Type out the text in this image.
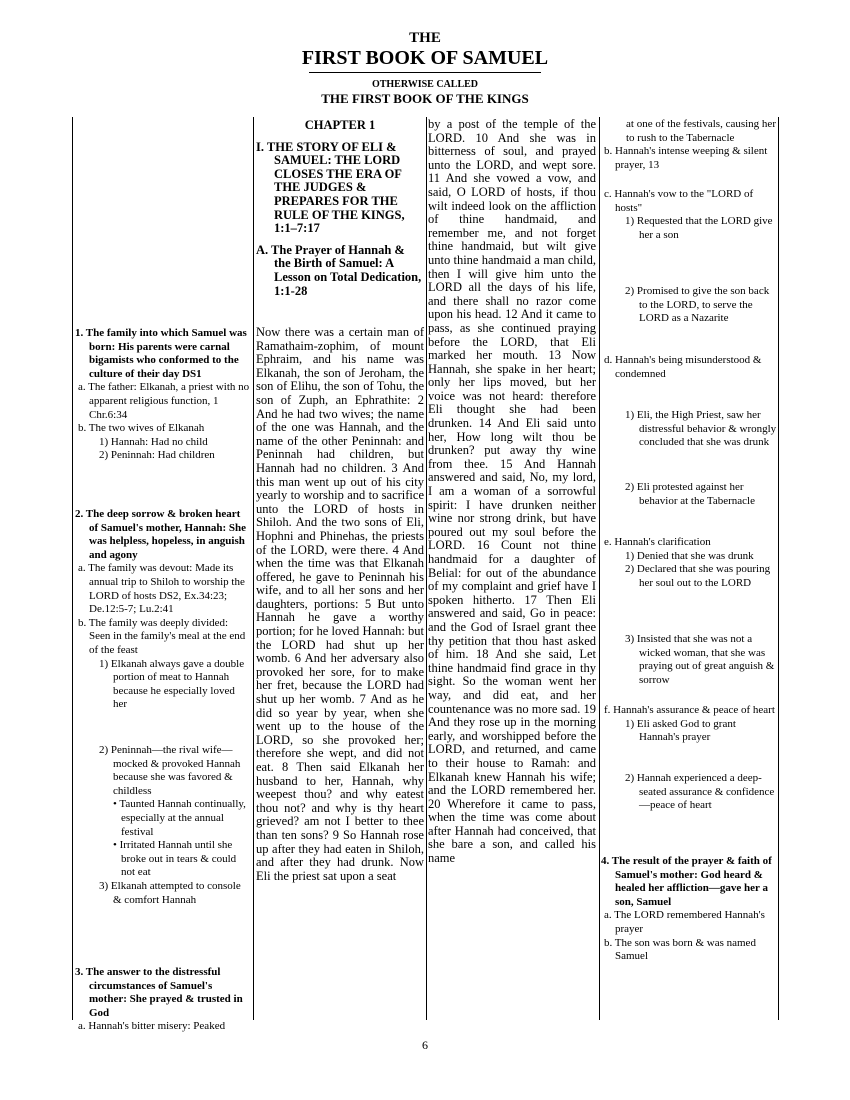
THE
FIRST BOOK OF SAMUEL
OTHERWISE CALLED
THE FIRST BOOK OF THE KINGS
1. The family into which Samuel was born: His parents were carnal bigamists who conformed to the culture of their day DS1
a. The father: Elkanah, a priest with no apparent religious function, 1 Chr.6:34
b. The two wives of Elkanah
1) Hannah: Had no child
2) Peninnah: Had children
2. The deep sorrow & broken heart of Samuel's mother, Hannah: She was helpless, hopeless, in anguish and agony
a. The family was devout: Made its annual trip to Shiloh to worship the LORD of hosts DS2, Ex.34:23; De.12:5-7; Lu.2:41
b. The family was deeply divided: Seen in the family's meal at the end of the feast
1) Elkanah always gave a double portion of meat to Hannah because he especially loved her
2) Peninnah—the rival wife—mocked & provoked Hannah because she was favored & childless
• Taunted Hannah continually, especially at the annual festival
• Irritated Hannah until she broke out in tears & could not eat
3) Elkanah attempted to console & comfort Hannah
3. The answer to the distressful circumstances of Samuel's mother: She prayed & trusted in God
a. Hannah's bitter misery: Peaked
CHAPTER 1
I. THE STORY OF ELI & SAMUEL: THE LORD CLOSES THE ERA OF THE JUDGES & PREPARES FOR THE RULE OF THE KINGS, 1:1–7:17
A. The Prayer of Hannah & the Birth of Samuel: A Lesson on Total Dedication, 1:1-28
Now there was a certain man of Ramathaim-zophim, of mount Ephraim, and his name was Elkanah, the son of Jeroham, the son of Elihu, the son of Tohu, the son of Zuph, an Ephrathite: 2 And he had two wives; the name of the one was Hannah, and the name of the other Peninnah: and Peninnah had children, but Hannah had no children. 3 And this man went up out of his city yearly to worship and to sacrifice unto the LORD of hosts in Shiloh. And the two sons of Eli, Hophni and Phinehas, the priests of the LORD, were there. 4 And when the time was that Elkanah offered, he gave to Peninnah his wife, and to all her sons and her daughters, portions: 5 But unto Hannah he gave a worthy portion; for he loved Hannah: but the LORD had shut up her womb. 6 And her adversary also provoked her sore, for to make her fret, because the LORD had shut up her womb. 7 And as he did so year by year, when she went up to the house of the LORD, so she provoked her; therefore she wept, and did not eat. 8 Then said Elkanah her husband to her, Hannah, why weepest thou? and why eatest thou not? and why is thy heart grieved? am not I better to thee than ten sons? 9 So Hannah rose up after they had eaten in Shiloh, and after they had drunk. Now Eli the priest sat upon a seat
by a post of the temple of the LORD. 10 And she was in bitterness of soul, and prayed unto the LORD, and wept sore. 11 And she vowed a vow, and said, O LORD of hosts, if thou wilt indeed look on the affliction of thine handmaid, and remember me, and not forget thine handmaid, but wilt give unto thine handmaid a man child, then I will give him unto the LORD all the days of his life, and there shall no razor come upon his head. 12 And it came to pass, as she continued praying before the LORD, that Eli marked her mouth. 13 Now Hannah, she spake in her heart; only her lips moved, but her voice was not heard: therefore Eli thought she had been drunken. 14 And Eli said unto her, How long wilt thou be drunken? put away thy wine from thee. 15 And Hannah answered and said, No, my lord, I am a woman of a sorrowful spirit: I have drunken neither wine nor strong drink, but have poured out my soul before the LORD. 16 Count not thine handmaid for a daughter of Belial: for out of the abundance of my complaint and grief have I spoken hitherto. 17 Then Eli answered and said, Go in peace: and the God of Israel grant thee thy petition that thou hast asked of him. 18 And she said, Let thine handmaid find grace in thy sight. So the woman went her way, and did eat, and her countenance was no more sad. 19 And they rose up in the morning early, and worshipped before the LORD, and returned, and came to their house to Ramah: and Elkanah knew Hannah his wife; and the LORD remembered her. 20 Wherefore it came to pass, when the time was come about after Hannah had conceived, that she bare a son, and called his name
at one of the festivals, causing her to rush to the Tabernacle
b. Hannah's intense weeping & silent prayer, 13
c. Hannah's vow to the "LORD of hosts"
1) Requested that the LORD give her a son
2) Promised to give the son back to the LORD, to serve the LORD as a Nazarite
d. Hannah's being misunderstood & condemned
1) Eli, the High Priest, saw her distressful behavior & wrongly concluded that she was drunk
2) Eli protested against her behavior at the Tabernacle
e. Hannah's clarification
1) Denied that she was drunk
2) Declared that she was pouring her soul out to the LORD
3) Insisted that she was not a wicked woman, that she was praying out of great anguish & sorrow
f. Hannah's assurance & peace of heart
1) Eli asked God to grant Hannah's prayer
2) Hannah experienced a deep-seated assurance & confidence—peace of heart
4. The result of the prayer & faith of Samuel's mother: God heard & healed her affliction—gave her a son, Samuel
a. The LORD remembered Hannah's prayer
b. The son was born & was named Samuel
6
